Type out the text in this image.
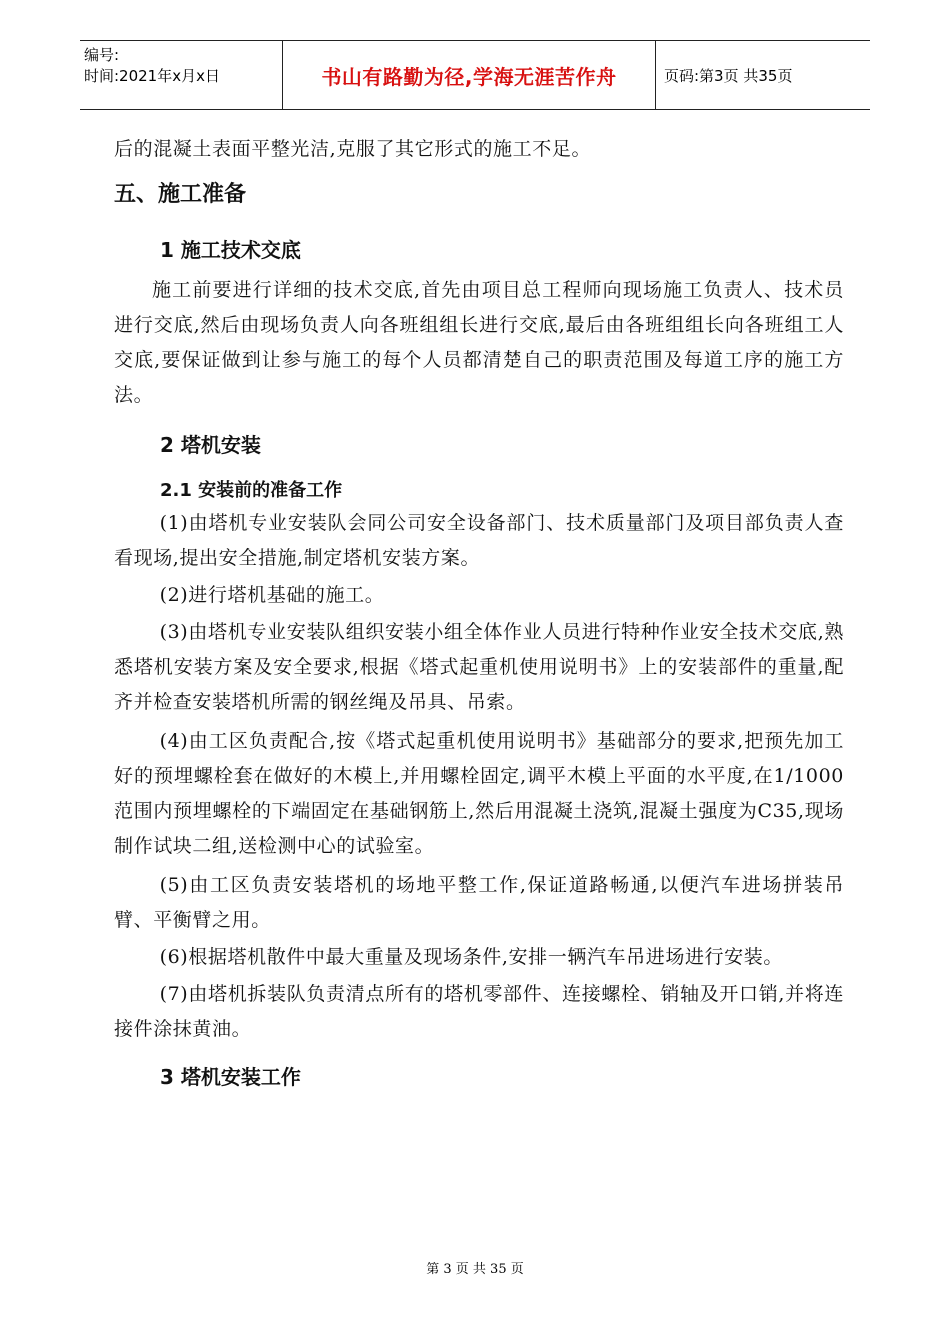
编号:
时间:2021年x月x日	书山有路勤为径,学海无涯苦作舟	页码:第3页 共35页

后的混凝土表面平整光洁,克服了其它形式的施工不足。

五、施工准备
1 施工技术交底

施工前要进行详细的技术交底,首先由项目总工程师向现场施工负责人、技术员进行交底,然后由现场负责人向各班组组长进行交底,最后由各班组组长向各班组工人交底,要保证做到让参与施工的每个人员都清楚自己的职责范围及每道工序的施工方法。

2 塔机安装
2.1 安装前的准备工作

(1)由塔机专业安装队会同公司安全设备部门、技术质量部门及项目部负责人查看现场,提出安全措施,制定塔机安装方案。

(2)进行塔机基础的施工。

(3)由塔机专业安装队组织安装小组全体作业人员进行特种作业安全技术交底,熟悉塔机安装方案及安全要求,根据《塔式起重机使用说明书》上的安装部件的重量,配齐并检查安装塔机所需的钢丝绳及吊具、吊索。

(4)由工区负责配合,按《塔式起重机使用说明书》基础部分的要求,把预先加工好的预埋螺栓套在做好的木模上,并用螺栓固定,调平木模上平面的水平度,在1/1000范围内预埋螺栓的下端固定在基础钢筋上,然后用混凝土浇筑,混凝土强度为C35,现场制作试块二组,送检测中心的试验室。

(5)由工区负责安装塔机的场地平整工作,保证道路畅通,以便汽车进场拼装吊臂、平衡臂之用。

(6)根据塔机散件中最大重量及现场条件,安排一辆汽车吊进场进行安装。

(7)由塔机拆装队负责清点所有的塔机零部件、连接螺栓、销轴及开口销,并将连接件涂抹黄油。

3 塔机安装工作
第 3 页 共 35 页
